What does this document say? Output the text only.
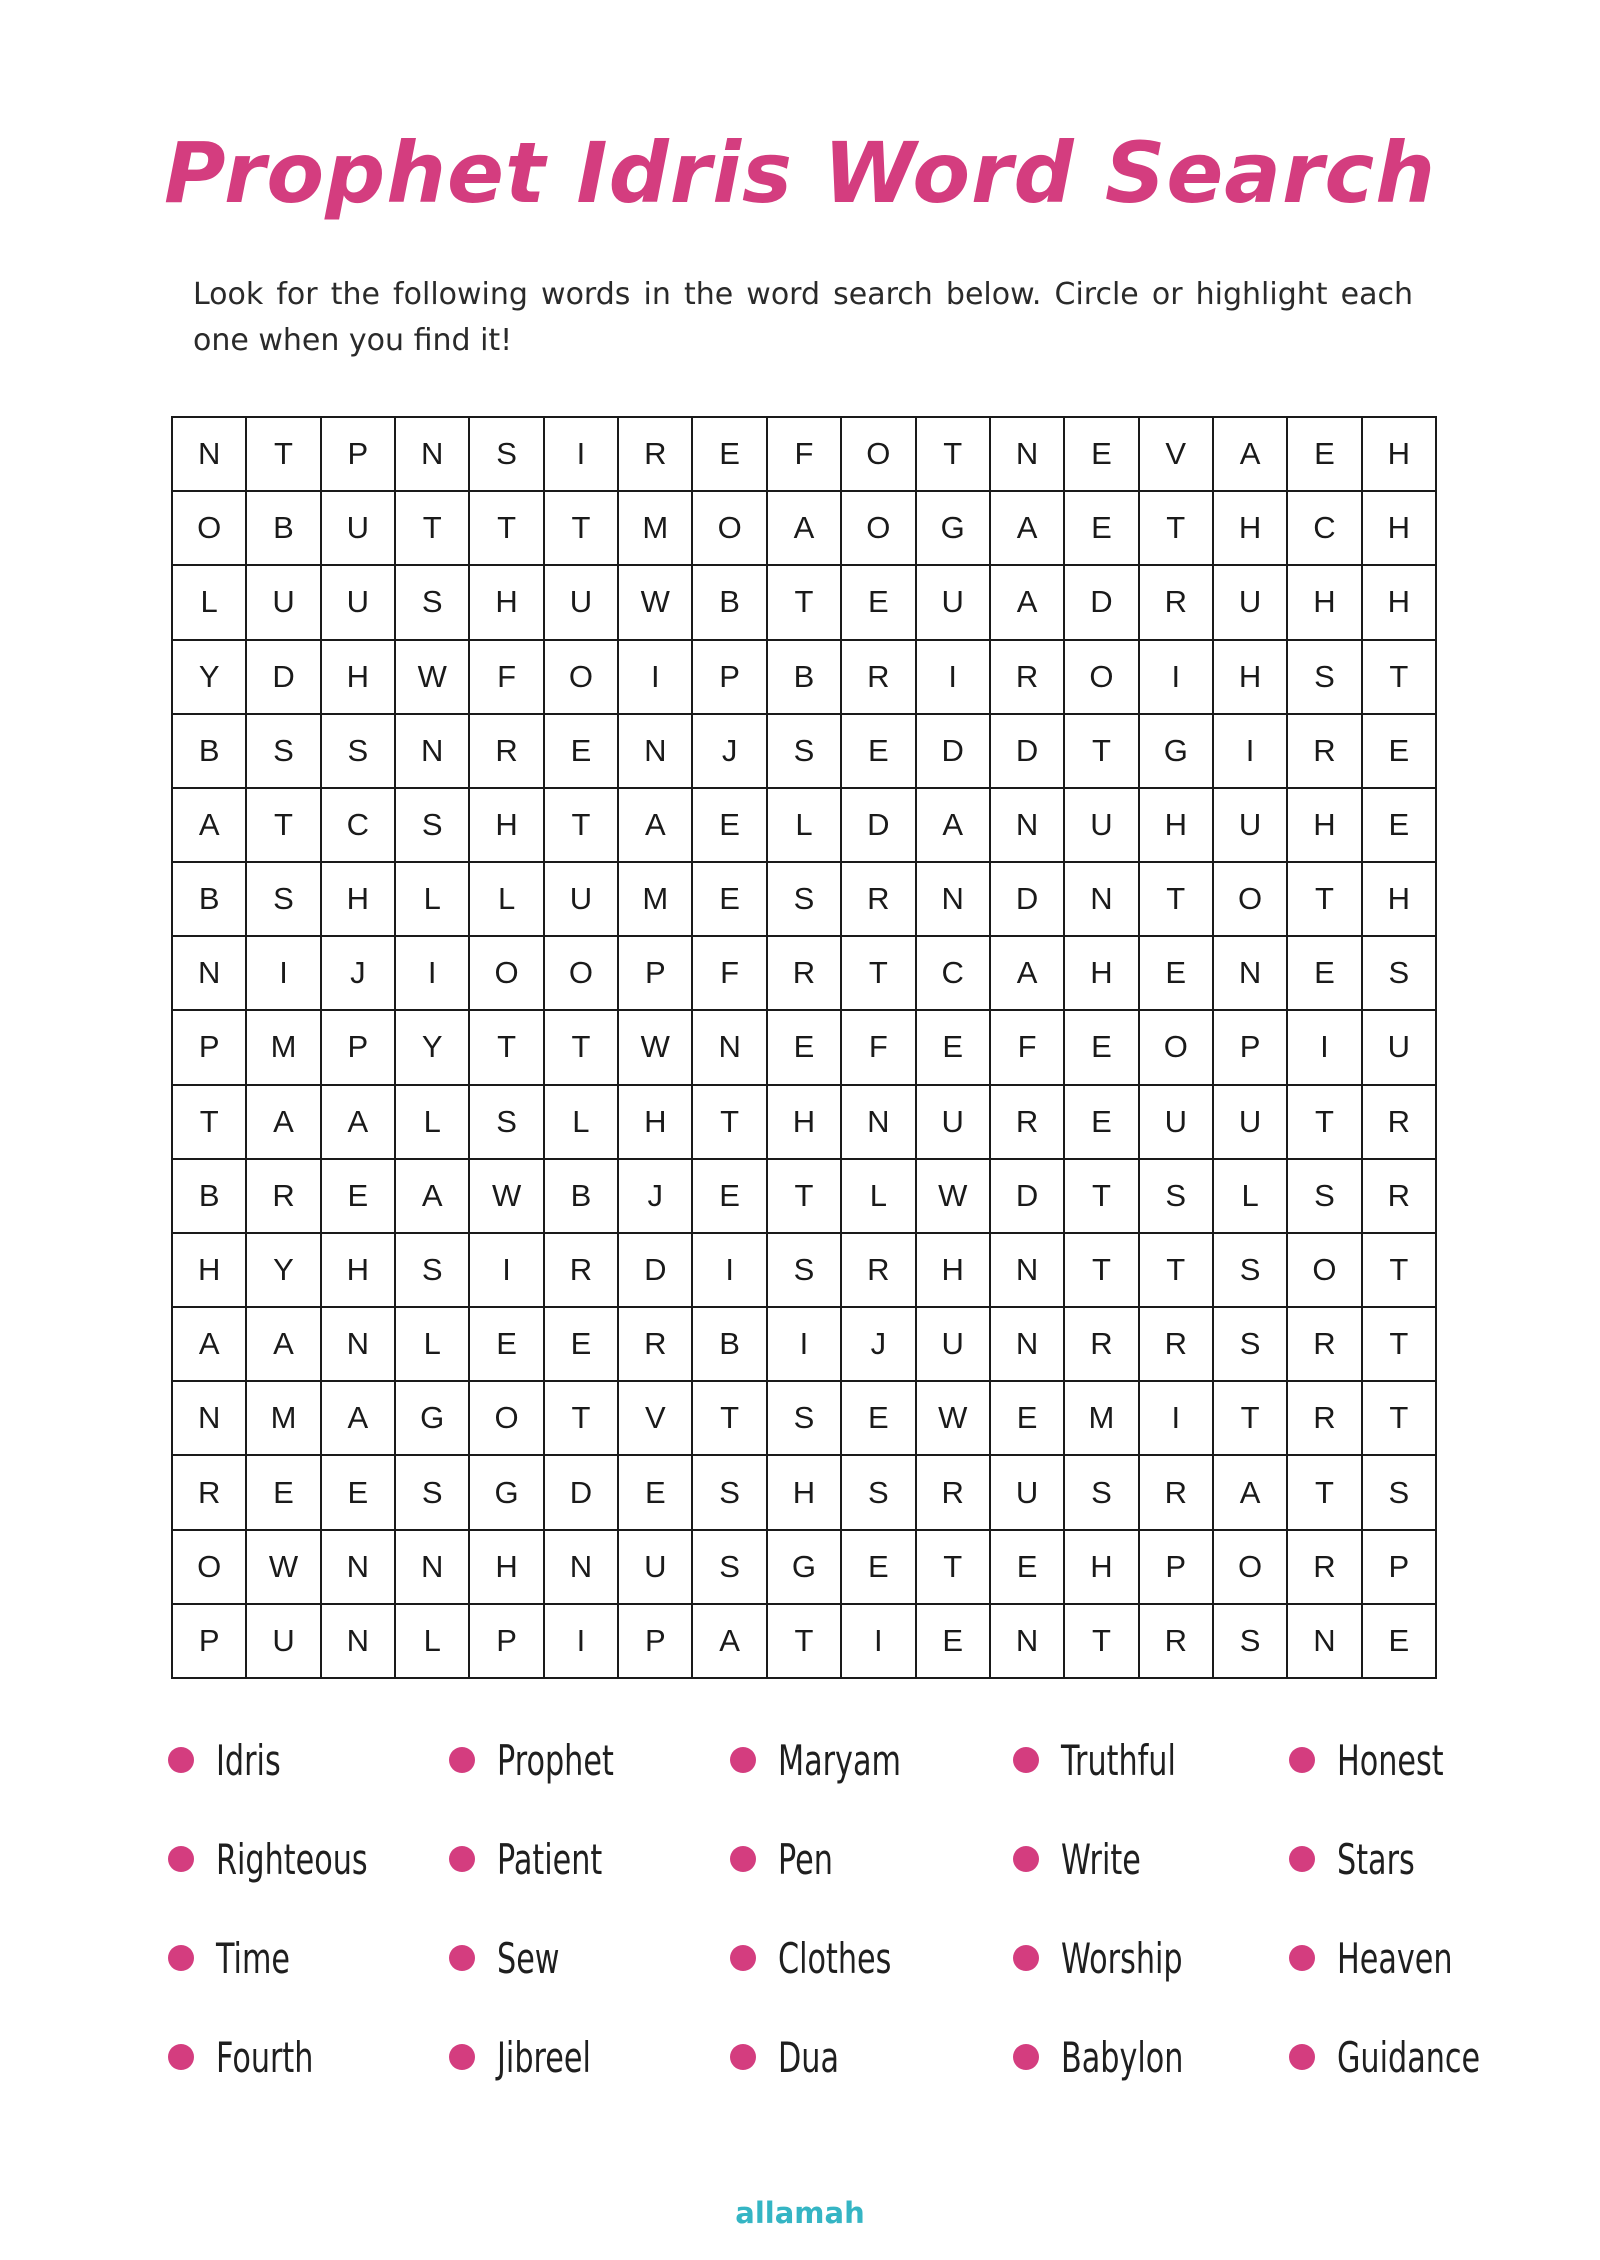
Prophet Idris Word Search
Look for the following words in the word search below. Circle or highlight each one when you find it!
N	T	P	N	S	I	R	E	F	O	T	N	E	V	A	E	H
O	B	U	T	T	T	M	O	A	O	G	A	E	T	H	C	H
L	U	U	S	H	U	W	B	T	E	U	A	D	R	U	H	H
Y	D	H	W	F	O	I	P	B	R	I	R	O	I	H	S	T
B	S	S	N	R	E	N	J	S	E	D	D	T	G	I	R	E
A	T	C	S	H	T	A	E	L	D	A	N	U	H	U	H	E
B	S	H	L	L	U	M	E	S	R	N	D	N	T	O	T	H
N	I	J	I	O	O	P	F	R	T	C	A	H	E	N	E	S
P	M	P	Y	T	T	W	N	E	F	E	F	E	O	P	I	U
T	A	A	L	S	L	H	T	H	N	U	R	E	U	U	T	R
B	R	E	A	W	B	J	E	T	L	W	D	T	S	L	S	R
H	Y	H	S	I	R	D	I	S	R	H	N	T	T	S	O	T
A	A	N	L	E	E	R	B	I	J	U	N	R	R	S	R	T
N	M	A	G	O	T	V	T	S	E	W	E	M	I	T	R	T
R	E	E	S	G	D	E	S	H	S	R	U	S	R	A	T	S
O	W	N	N	H	N	U	S	G	E	T	E	H	P	O	R	P
P	U	N	L	P	I	P	A	T	I	E	N	T	R	S	N	E
Idris	Prophet	Maryam	Truthful	Honest
Righteous	Patient	Pen	Write	Stars
Time	Sew	Clothes	Worship	Heaven
Fourth	Jibreel	Dua	Babylon	Guidance
allamah
